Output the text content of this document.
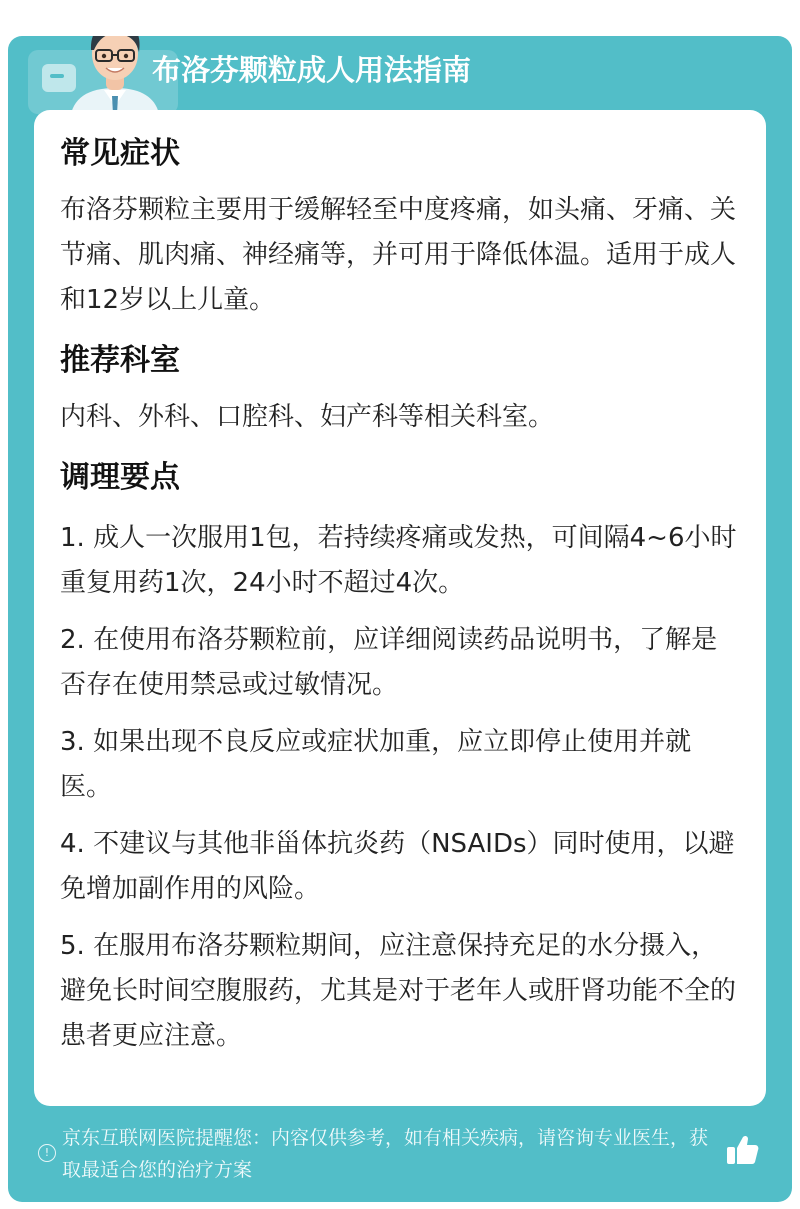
布洛芬颗粒成人用法指南
常见症状

布洛芬颗粒主要用于缓解轻至中度疼痛，如头痛、牙痛、关节痛、肌肉痛、神经痛等，并可用于降低体温。适用于成人和12岁以上儿童。

推荐科室

内科、外科、口腔科、妇产科等相关科室。

调理要点

1. 成人一次服用1包，若持续疼痛或发热，可间隔4~6小时重复用药1次，24小时不超过4次。

2. 在使用布洛芬颗粒前，应详细阅读药品说明书，了解是否存在使用禁忌或过敏情况。

3. 如果出现不良反应或症状加重，应立即停止使用并就医。

4. 不建议与其他非甾体抗炎药（NSAIDs）同时使用，以避免增加副作用的风险。

5. 在服用布洛芬颗粒期间，应注意保持充足的水分摄入，避免长时间空腹服药，尤其是对于老年人或肝肾功能不全的患者更应注意。

!
京东互联网医院提醒您：内容仅供参考，如有相关疾病，请咨询专业医生，获取最适合您的治疗方案
